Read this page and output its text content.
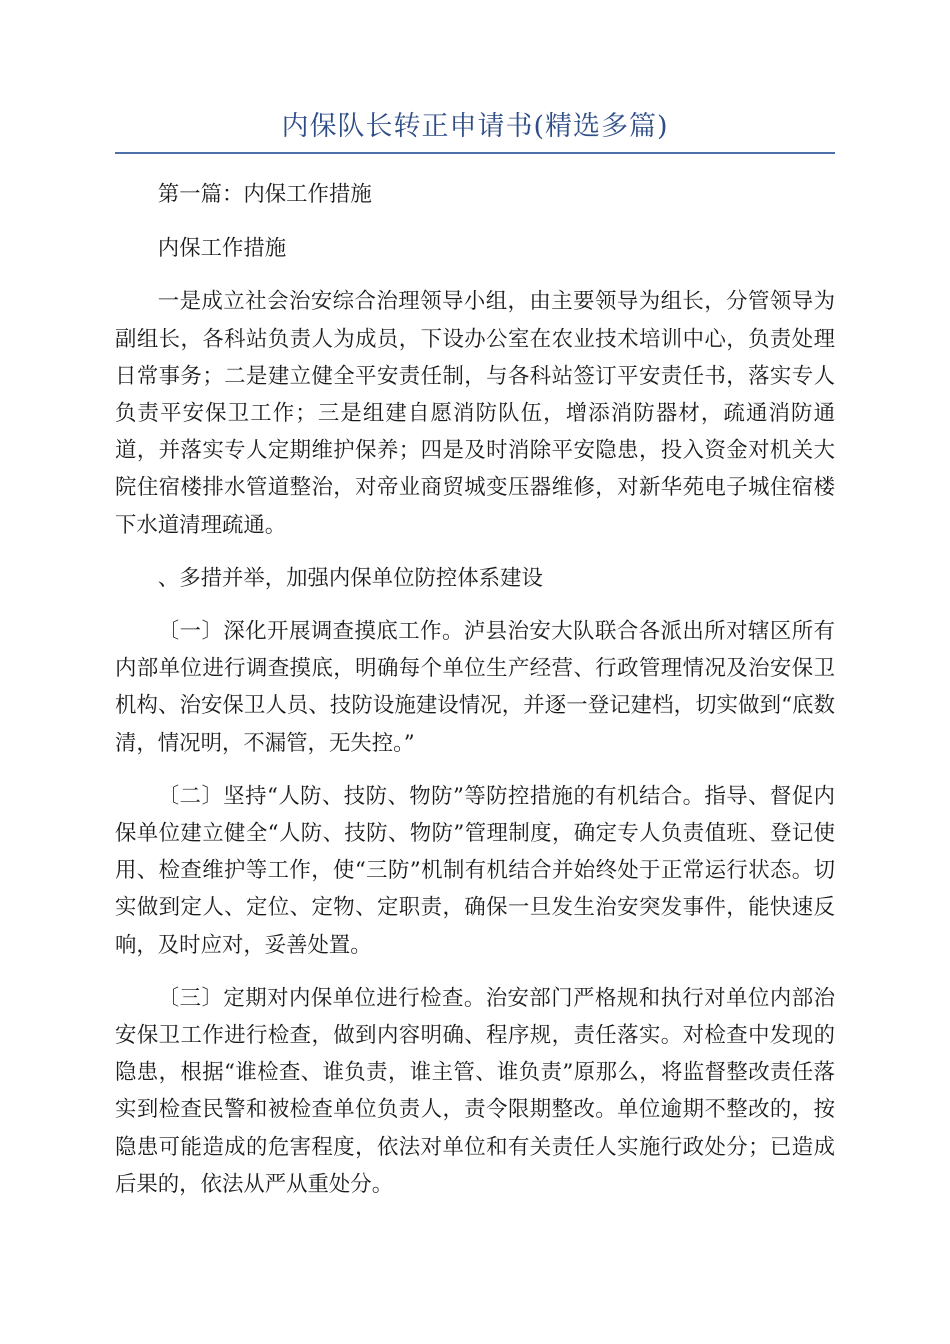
内保队长转正申请书(精选多篇)

第一篇：内保工作措施

内保工作措施

一是成立社会治安综合治理领导小组，由主要领导为组长，分管领导为副组长，各科站负责人为成员，下设办公室在农业技术培训中心，负责处理日常事务；二是建立健全平安责任制，与各科站签订平安责任书，落实专人负责平安保卫工作；三是组建自愿消防队伍，增添消防器材，疏通消防通道，并落实专人定期维护保养；四是及时消除平安隐患，投入资金对机关大院住宿楼排水管道整治，对帝业商贸城变压器维修，对新华苑电子城住宿楼下水道清理疏通。

、多措并举，加强内保单位防控体系建设

〔一〕深化开展调查摸底工作。泸县治安大队联合各派出所对辖区所有内部单位进行调查摸底，明确每个单位生产经营、行政管理情况及治安保卫机构、治安保卫人员、技防设施建设情况，并逐一登记建档，切实做到“底数清，情况明，不漏管，无失控。”

〔二〕坚持“人防、技防、物防”等防控措施的有机结合。指导、督促内保单位建立健全“人防、技防、物防”管理制度，确定专人负责值班、登记使用、检查维护等工作，使“三防”机制有机结合并始终处于正常运行状态。切实做到定人、定位、定物、定职责，确保一旦发生治安突发事件，能快速反响，及时应对，妥善处置。

〔三〕定期对内保单位进行检查。治安部门严格规和执行对单位内部治安保卫工作进行检查，做到内容明确、程序规，责任落实。对检查中发现的隐患，根据“谁检查、谁负责，谁主管、谁负责”原那么，将监督整改责任落实到检查民警和被检查单位负责人，责令限期整改。单位逾期不整改的，按隐患可能造成的危害程度，依法对单位和有关责任人实施行政处分；已造成后果的，依法从严从重处分。
